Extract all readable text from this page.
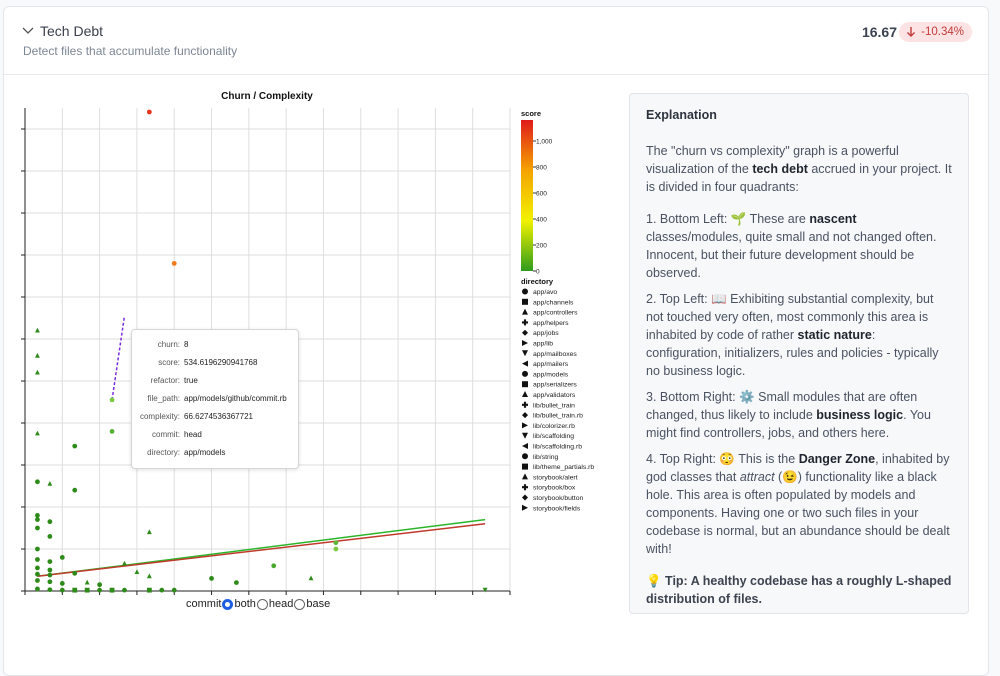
Tech Debt
Detect files that accumulate functionality
16.67	-10.34%
Churn / Complexity
score
1,000
800
600
400
200
0
directory
app/avo
app/channels
app/controllers
app/helpers
app/jobs
app/lib
app/mailboxes
app/mailers
app/models
app/serializers
app/validators
lib/bullet_train
lib/bullet_train.rb
lib/colorizer.rb
lib/scaffolding
lib/scaffolding.rb
lib/string
lib/theme_partials.rb
storybook/alert
storybook/box
storybook/button
storybook/fields
churn: 8
score: 534.6196290941768
refactor: true
file_path: app/models/github/commit.rb
complexity: 66.6274536367721
commit: head
directory: app/models
commit both head base
Explanation

The "churn vs complexity" graph is a powerful visualization of the tech debt accrued in your project. It is divided in four quadrants:

1. Bottom Left: 🌱 These are nascent classes/modules, quite small and not changed often. Innocent, but their future development should be observed.

2. Top Left: 📖 Exhibiting substantial complexity, but not touched very often, most commonly this area is inhabited by code of rather static nature: configuration, initializers, rules and policies - typically no business logic.

3. Bottom Right: ⚙️ Small modules that are often changed, thus likely to include business logic. You might find controllers, jobs, and others here.

4. Top Right: 😳 This is the Danger Zone, inhabited by god classes that attract (😉) functionality like a black hole. This area is often populated by models and components. Having one or two such files in your codebase is normal, but an abundance should be dealt with!

💡 Tip: A healthy codebase has a roughly L-shaped distribution of files.
